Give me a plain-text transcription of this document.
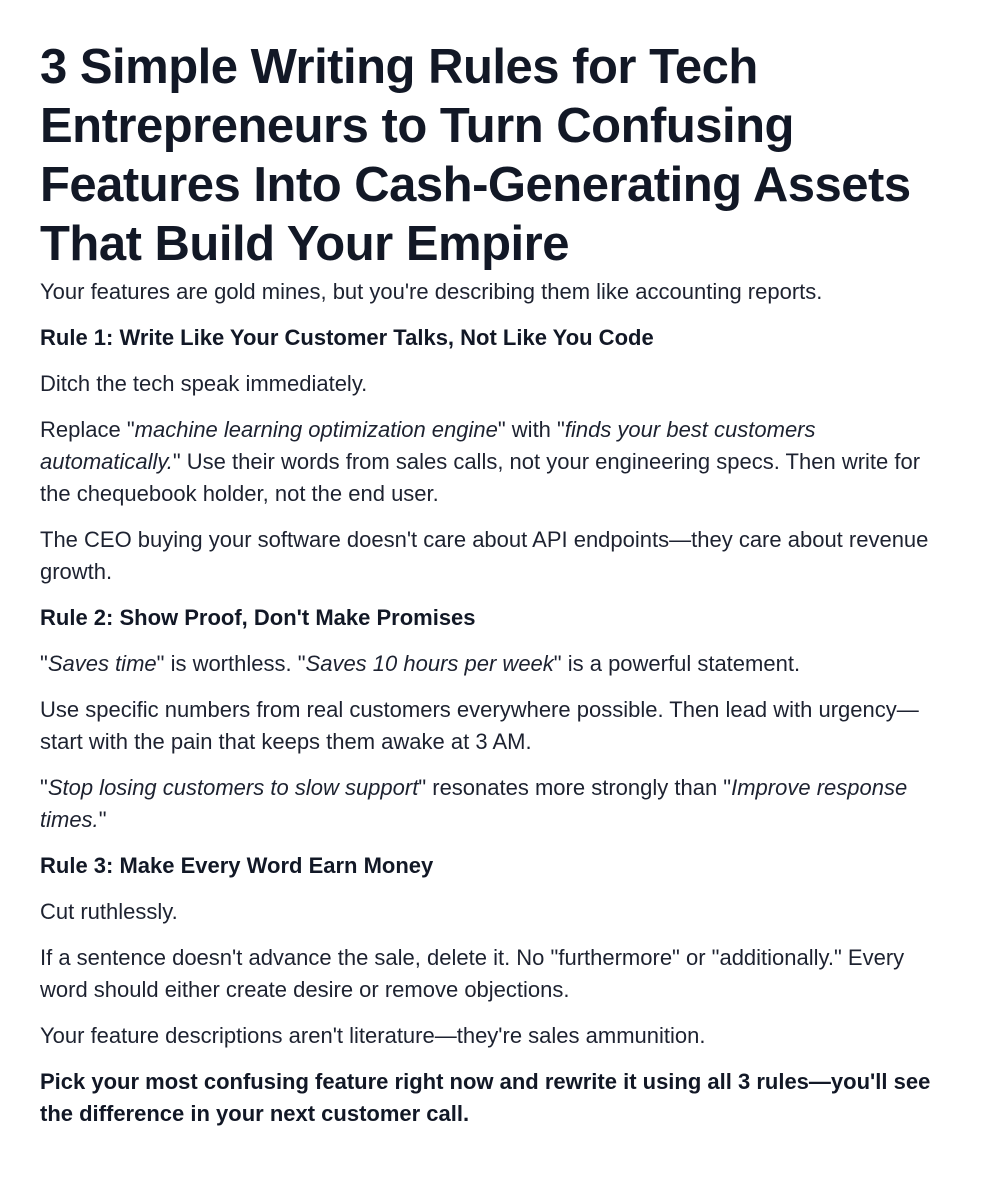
3 Simple Writing Rules for Tech Entrepreneurs to Turn Confusing Features Into Cash-Generating Assets That Build Your Empire

Your features are gold mines, but you're describing them like accounting reports.

Rule 1: Write Like Your Customer Talks, Not Like You Code

Ditch the tech speak immediately.

Replace "machine learning optimization engine" with "finds your best customers automatically." Use their words from sales calls, not your engineering specs. Then write for the chequebook holder, not the end user.

The CEO buying your software doesn't care about API endpoints—they care about revenue growth.

Rule 2: Show Proof, Don't Make Promises

"Saves time" is worthless. "Saves 10 hours per week" is a powerful statement.

Use specific numbers from real customers everywhere possible. Then lead with urgency—start with the pain that keeps them awake at 3 AM.

"Stop losing customers to slow support" resonates more strongly than "Improve response times."

Rule 3: Make Every Word Earn Money

Cut ruthlessly.

If a sentence doesn't advance the sale, delete it. No "furthermore" or "additionally." Every word should either create desire or remove objections.

Your feature descriptions aren't literature—they're sales ammunition.

Pick your most confusing feature right now and rewrite it using all 3 rules—you'll see the difference in your next customer call.
